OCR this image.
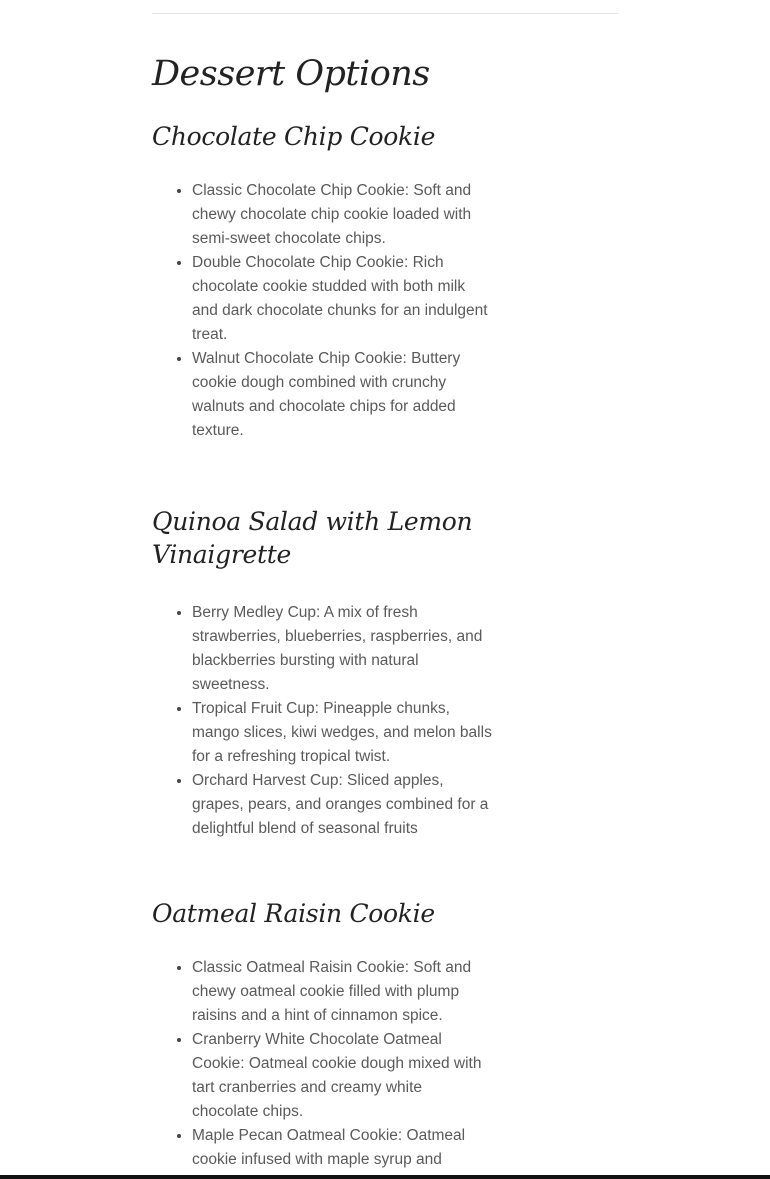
Dessert Options
Chocolate Chip Cookie
• Classic Chocolate Chip Cookie: Soft and chewy chocolate chip cookie loaded with semi-sweet chocolate chips.
• Double Chocolate Chip Cookie: Rich chocolate cookie studded with both milk and dark chocolate chunks for an indulgent treat.
• Walnut Chocolate Chip Cookie: Buttery cookie dough combined with crunchy walnuts and chocolate chips for added texture.
Quinoa Salad with Lemon Vinaigrette
• Berry Medley Cup: A mix of fresh strawberries, blueberries, raspberries, and blackberries bursting with natural sweetness.
• Tropical Fruit Cup: Pineapple chunks, mango slices, kiwi wedges, and melon balls for a refreshing tropical twist.
• Orchard Harvest Cup: Sliced apples, grapes, pears, and oranges combined for a delightful blend of seasonal fruits
Oatmeal Raisin Cookie
• Classic Oatmeal Raisin Cookie: Soft and chewy oatmeal cookie filled with plump raisins and a hint of cinnamon spice.
• Cranberry White Chocolate Oatmeal Cookie: Oatmeal cookie dough mixed with tart cranberries and creamy white chocolate chips.
• Maple Pecan Oatmeal Cookie: Oatmeal cookie infused with maple syrup and
